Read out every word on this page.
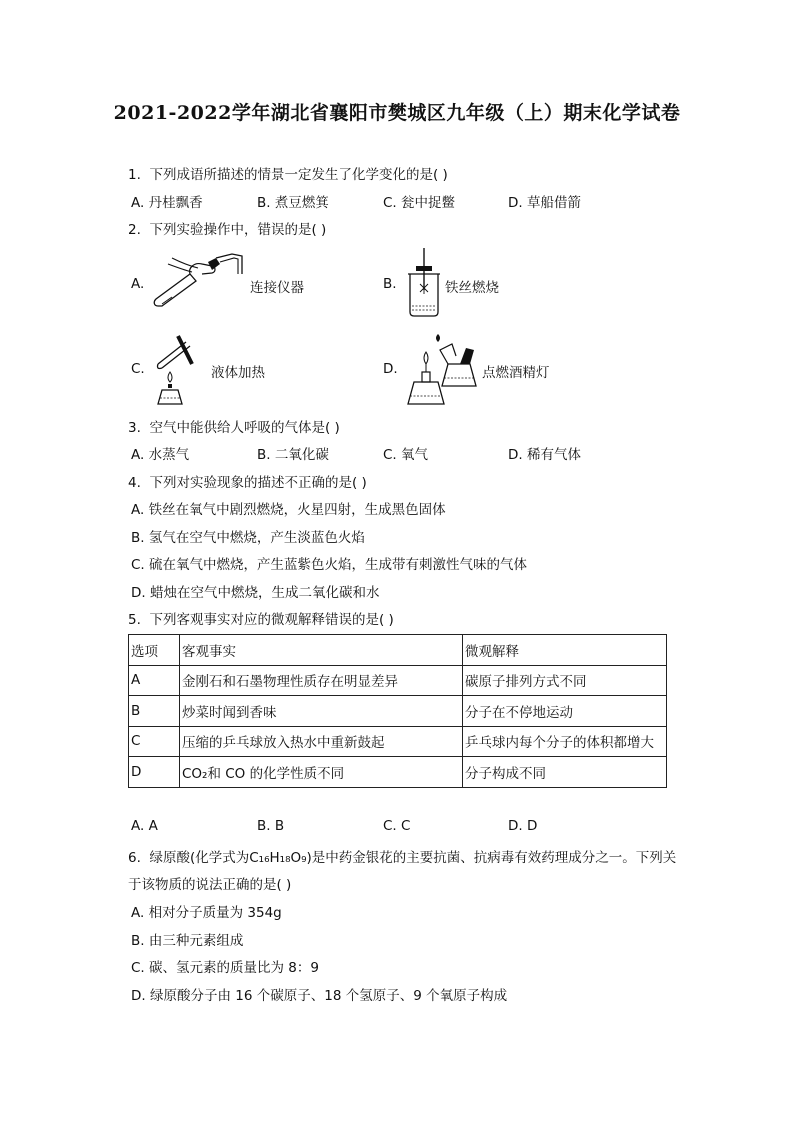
2021-2022学年湖北省襄阳市樊城区九年级（上）期末化学试卷
1. 下列成语所描述的情景一定发生了化学变化的是( )
A. 丹桂飘香	B. 煮豆燃箕	C. 瓮中捉鳖	D. 草船借箭
2. 下列实验操作中，错误的是( )
A.	连接仪器	B.	铁丝燃烧
C.	液体加热	D.	点燃酒精灯
3. 空气中能供给人呼吸的气体是( )
A. 水蒸气	B. 二氧化碳	C. 氧气	D. 稀有气体
4. 下列对实验现象的描述不正确的是( )
A. 铁丝在氧气中剧烈燃烧，火星四射，生成黑色固体
B. 氢气在空气中燃烧，产生淡蓝色火焰
C. 硫在氧气中燃烧，产生蓝紫色火焰，生成带有刺激性气味的气体
D. 蜡烛在空气中燃烧，生成二氧化碳和水
5. 下列客观事实对应的微观解释错误的是( )
选项	客观事实	微观解释
A	金刚石和石墨物理性质存在明显差异	碳原子排列方式不同
B	炒菜时闻到香味	分子在不停地运动
C	压缩的乒乓球放入热水中重新鼓起	乒乓球内每个分子的体积都增大
D	CO₂和 CO 的化学性质不同	分子构成不同
A. A	B. B	C. C	D. D
6. 绿原酸(化学式为C₁₆H₁₈O₉)是中药金银花的主要抗菌、抗病毒有效药理成分之一。下列关
于该物质的说法正确的是( )
A. 相对分子质量为 354g
B. 由三种元素组成
C. 碳、氢元素的质量比为 8：9
D. 绿原酸分子由 16 个碳原子、18 个氢原子、9 个氧原子构成
